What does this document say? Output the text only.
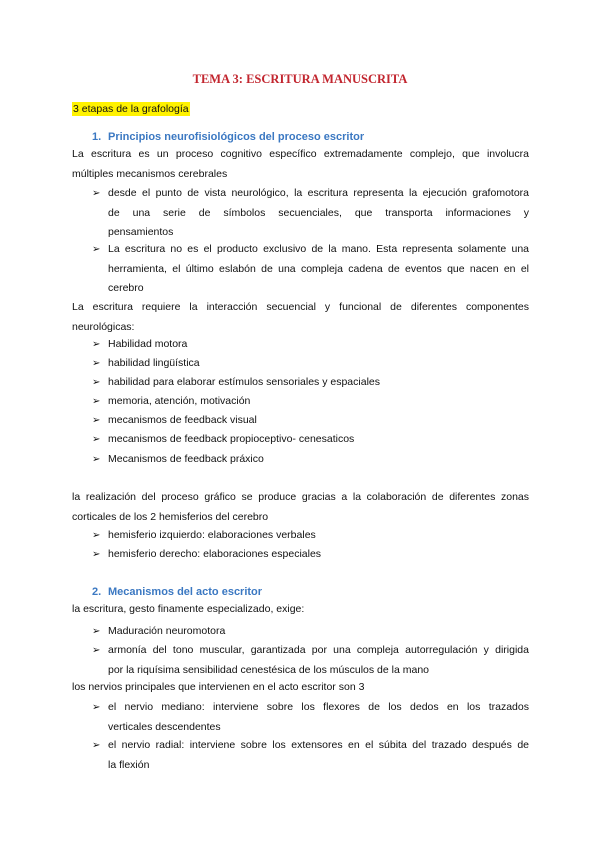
TEMA 3: ESCRITURA MANUSCRITA
3 etapas de la grafología
1. Principios neurofisiológicos del proceso escritor
La escritura es un proceso cognitivo específico extremadamente complejo, que involucra
múltiples mecanismos cerebrales
➢ desde el punto de vista neurológico, la escritura representa la ejecución grafomotora
de una serie de símbolos secuenciales, que transporta informaciones y
pensamientos
➢ La escritura no es el producto exclusivo de la mano. Esta representa solamente una
herramienta, el último eslabón de una compleja cadena de eventos que nacen en el
cerebro
La escritura requiere la interacción secuencial y funcional de diferentes componentes
neurológicas:
➢ Habilidad motora
➢ habilidad lingüística
➢ habilidad para elaborar estímulos sensoriales y espaciales
➢ memoria, atención, motivación
➢ mecanismos de feedback visual
➢ mecanismos de feedback propioceptivo- cenesaticos
➢ Mecanismos de feedback práxico
la realización del proceso gráfico se produce gracias a la colaboración de diferentes zonas
corticales de los 2 hemisferios del cerebro
➢ hemisferio izquierdo: elaboraciones verbales
➢ hemisferio derecho: elaboraciones especiales
2. Mecanismos del acto escritor
la escritura, gesto finamente especializado, exige:
➢ Maduración neuromotora
➢ armonía del tono muscular, garantizada por una compleja autorregulación y dirigida
por la riquísima sensibilidad cenestésica de los músculos de la mano
los nervios principales que intervienen en el acto escritor son 3
➢ el nervio mediano: interviene sobre los flexores de los dedos en los trazados
verticales descendentes
➢ el nervio radial: interviene sobre los extensores en el súbita del trazado después de
la flexión
